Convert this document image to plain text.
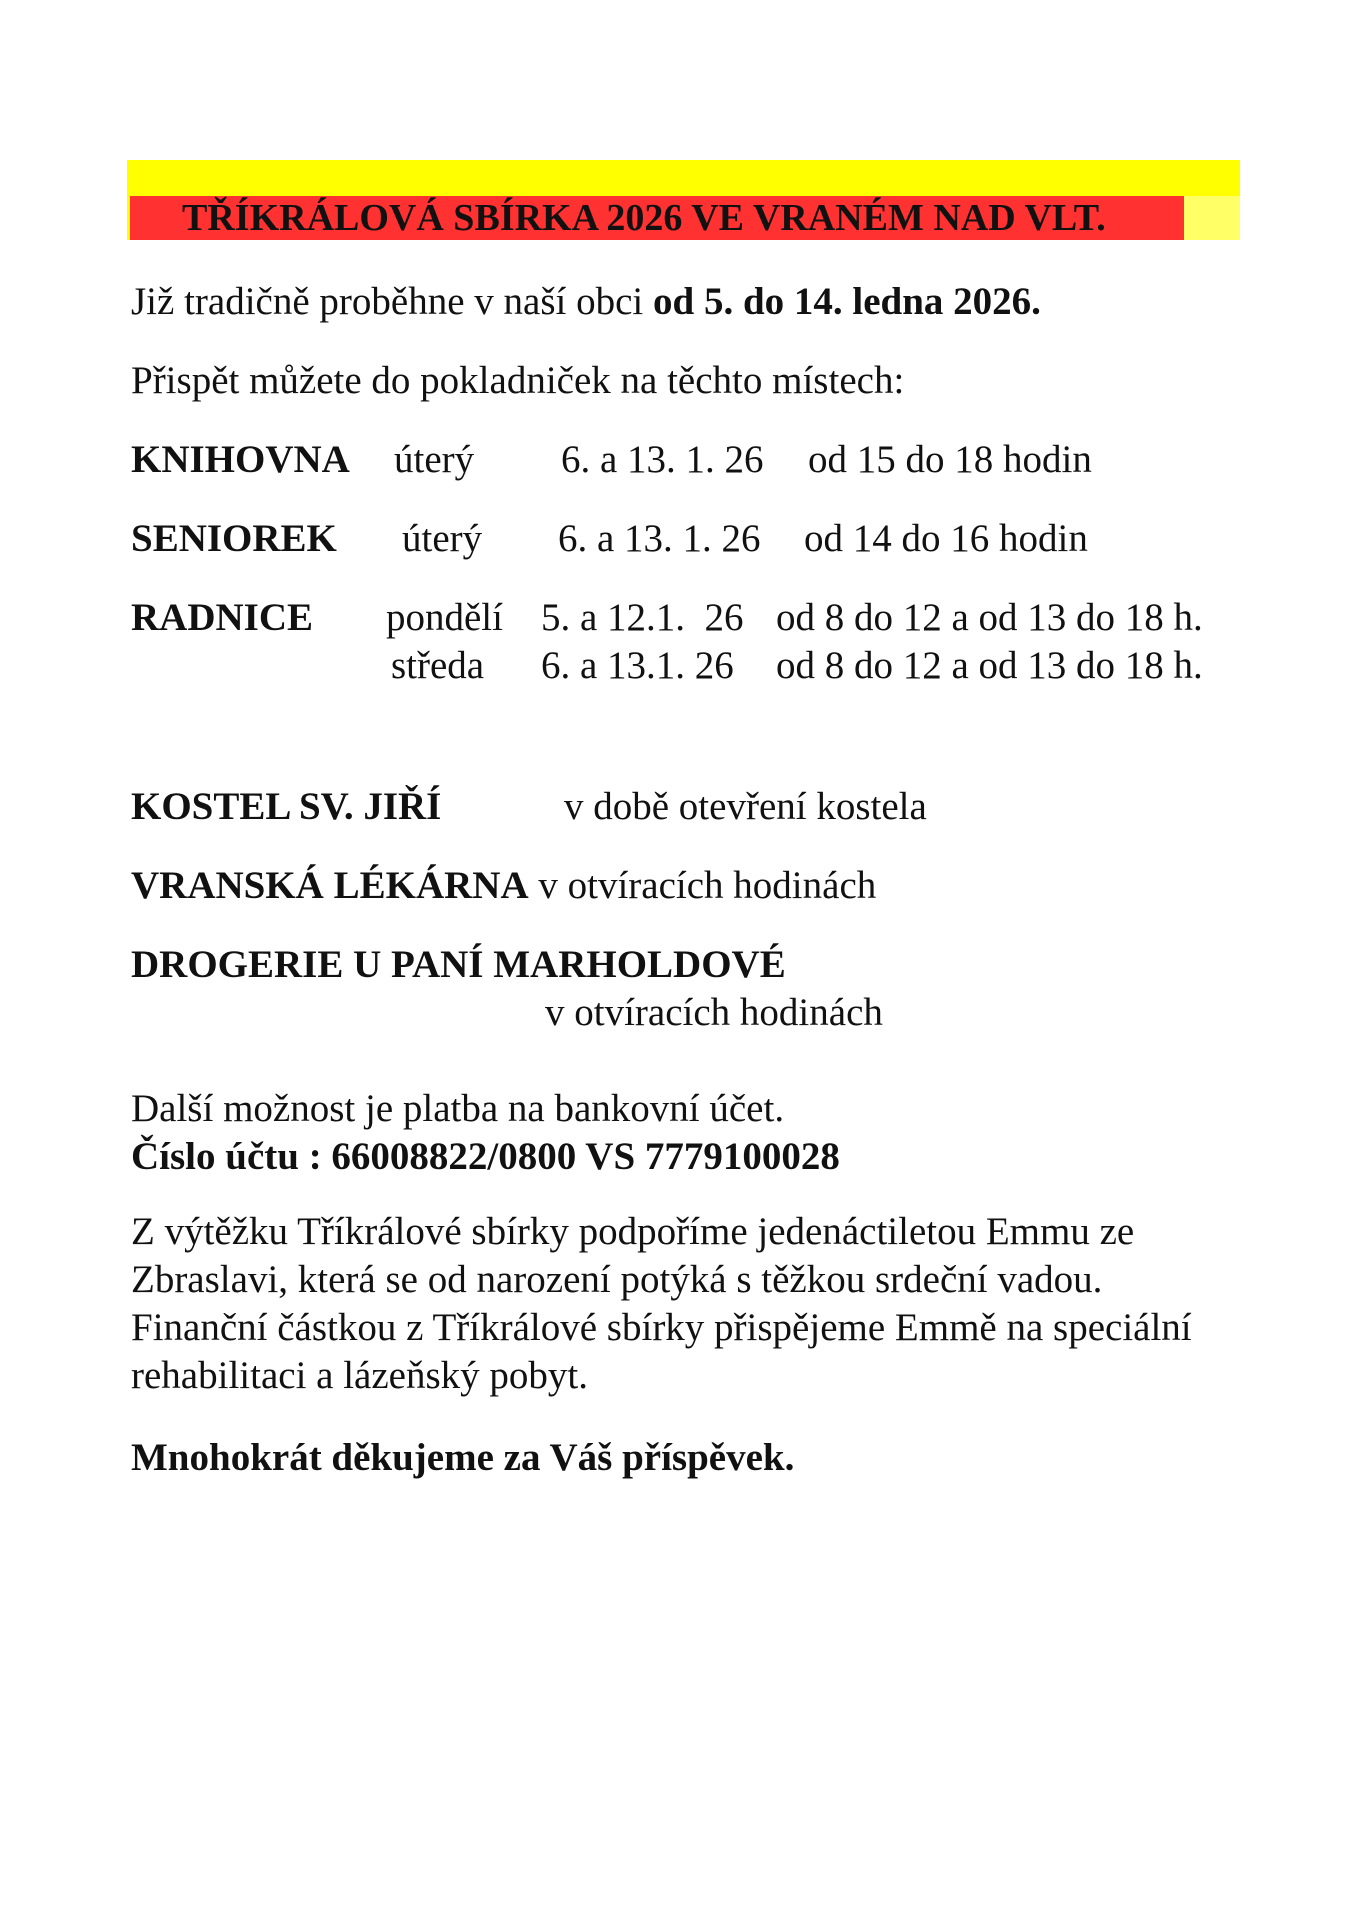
TŘÍKRÁLOVÁ SBÍRKA 2026 VE VRANÉM NAD VLT.
Již tradičně proběhne v naší obci od 5. do 14. ledna 2026.
Přispět můžete do pokladniček na těchto místech:
KNIHOVNA úterý 6. a 13. 1. 26 od 15 do 18 hodin
SENIOREK úterý 6. a 13. 1. 26 od 14 do 16 hodin
RADNICE pondělí 5. a 12.1.  26 od 8 do 12 a od 13 do 18 h.
středa 6. a 13.1. 26 od 8 do 12 a od 13 do 18 h.
KOSTEL SV. JIŘÍ	v době otevření kostela
VRANSKÁ LÉKÁRNA v otvíracích hodinách
DROGERIE U PANÍ MARHOLDOVÉ
v otvíracích hodinách
Další možnost je platba na bankovní účet.
Číslo účtu : 66008822/0800 VS 7779100028
Z výtěžku Tříkrálové sbírky podpoříme jedenáctiletou Emmu ze Zbraslavi, která se od narození potýká s těžkou srdeční vadou. Finanční částkou z Tříkrálové sbírky přispějeme Emmě na speciální rehabilitaci a lázeňský pobyt.
Mnohokrát děkujeme za Váš příspěvek.
